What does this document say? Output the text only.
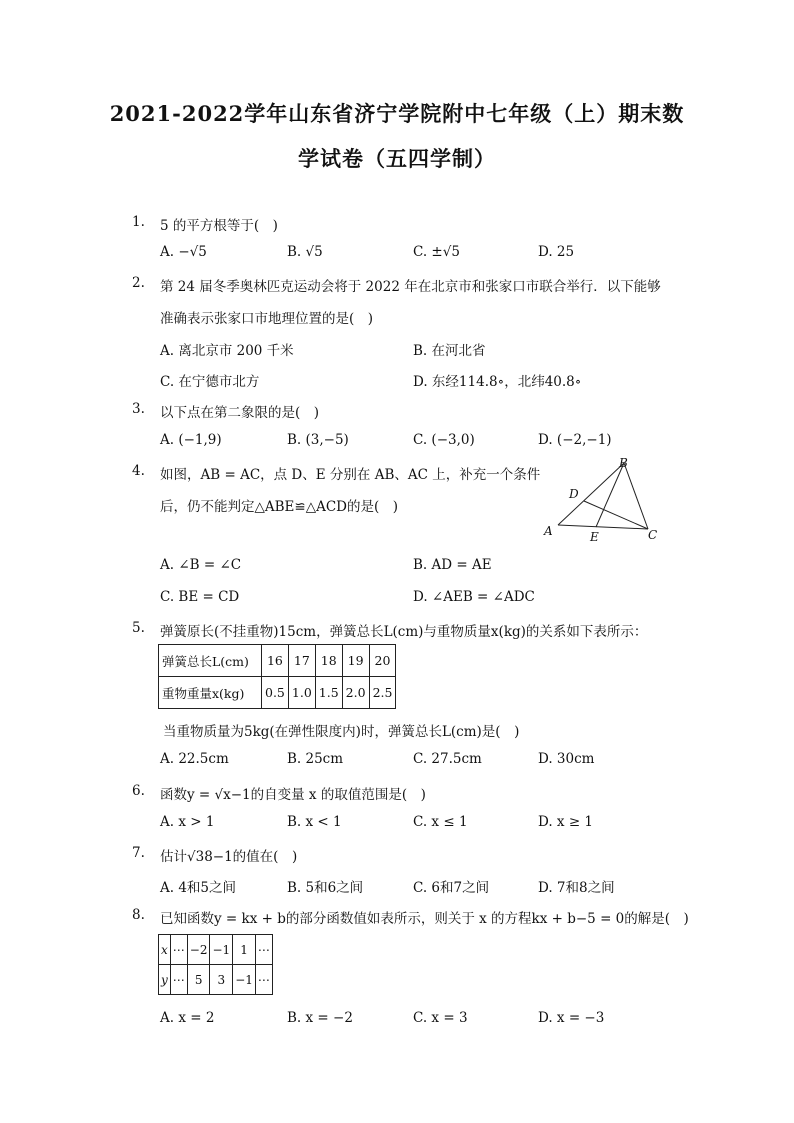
2021-2022学年山东省济宁学院附中七年级（上）期末数
学试卷（五四学制）
1.	5 的平方根等于(　)
A. −√5	B. √5	C. ±√5	D. 25
2.	第 24 届冬季奥林匹克运动会将于 2022 年在北京市和张家口市联合举行．以下能够
准确表示张家口市地理位置的是(　)
A. 离北京市 200 千米	B. 在河北省
C. 在宁德市北方	D. 东经114.8∘，北纬40.8∘
3.	以下点在第二象限的是(　)
A. (−1,9)	B. (3,−5)	C. (−3,0)	D. (−2,−1)
4.	如图，AB = AC，点 D、E 分别在 AB、AC 上，补充一个条件
后，仍不能判定△ABE≌△ACD的是(　)
A
B
C
D
E
A. ∠B = ∠C	B. AD = AE
C. BE = CD	D. ∠AEB = ∠ADC
5.	弹簧原长(不挂重物)15cm，弹簧总长L(cm)与重物质量x(kg)的关系如下表所示：
弹簧总长L(cm)	16	17	18	19	20
重物重量x(kg)	0.5	1.0	1.5	2.0	2.5
当重物质量为5kg(在弹性限度内)时，弹簧总长L(cm)是(　)
A. 22.5cm	B. 25cm	C. 27.5cm	D. 30cm
6.	函数y = √x−1的自变量 x 的取值范围是(　)
A. x > 1	B. x < 1	C. x ≤ 1	D. x ≥ 1
7.	估计√38−1的值在(　)
A. 4和5之间	B. 5和6之间	C. 6和7之间	D. 7和8之间
8.	已知函数y = kx + b的部分函数值如表所示，则关于 x 的方程kx + b−5 = 0的解是(　)
x	⋯	−2	−1	1	⋯
y	⋯	5	3	−1	⋯
A. x = 2	B. x = −2	C. x = 3	D. x = −3
